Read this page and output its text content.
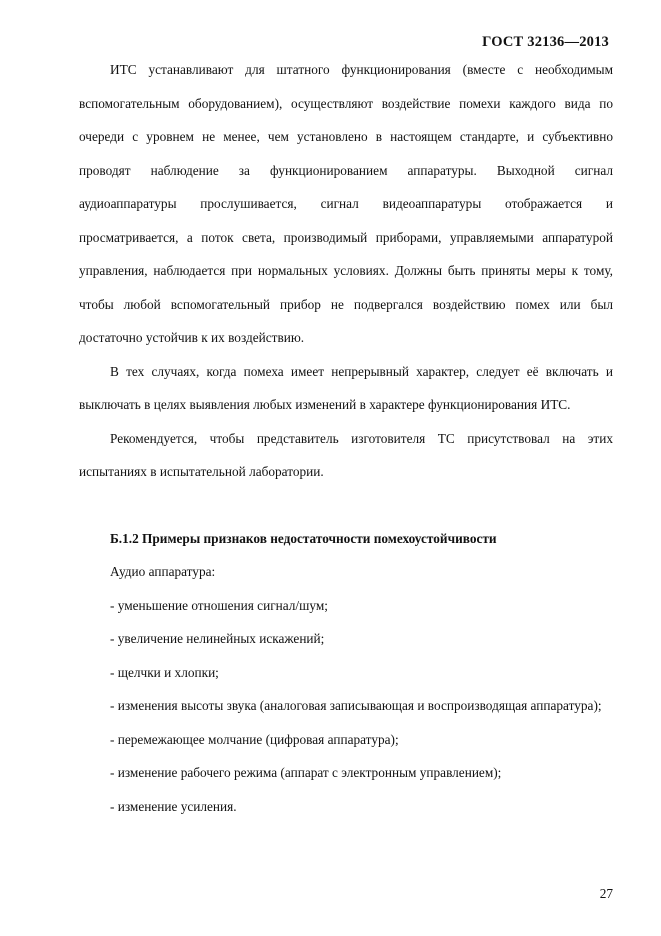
ГОСТ 32136—2013

ИТС устанавливают для штатного функционирования (вместе с необходимым вспомогательным оборудованием), осуществляют воздействие помехи каждого вида по очереди с уровнем не менее, чем установлено в настоящем стандарте, и субъективно проводят наблюдение за функционированием аппаратуры. Выходной сигнал аудиоаппаратуры прослушивается, сигнал видеоаппаратуры отображается и просматривается, а поток света, производимый приборами, управляемыми аппаратурой управления, наблюдается при нормальных условиях. Должны быть приняты меры к тому, чтобы любой вспомогательный прибор не подвергался воздействию помех или был достаточно устойчив к их воздействию.

В тех случаях, когда помеха имеет непрерывный характер, следует её включать и выключать в целях выявления любых изменений в характере функционирования ИТС.

Рекомендуется, чтобы представитель изготовителя ТС присутствовал на этих испытаниях в испытательной лаборатории.

Б.1.2 Примеры признаков недостаточности помехоустойчивости

Аудио аппаратура:

- уменьшение отношения сигнал/шум;

- увеличение нелинейных искажений;

- щелчки и хлопки;

- изменения высоты звука (аналоговая записывающая и воспроизводящая аппаратура);

- перемежающее молчание (цифровая аппаратура);

- изменение рабочего режима (аппарат с электронным управлением);

- изменение усиления.

27
